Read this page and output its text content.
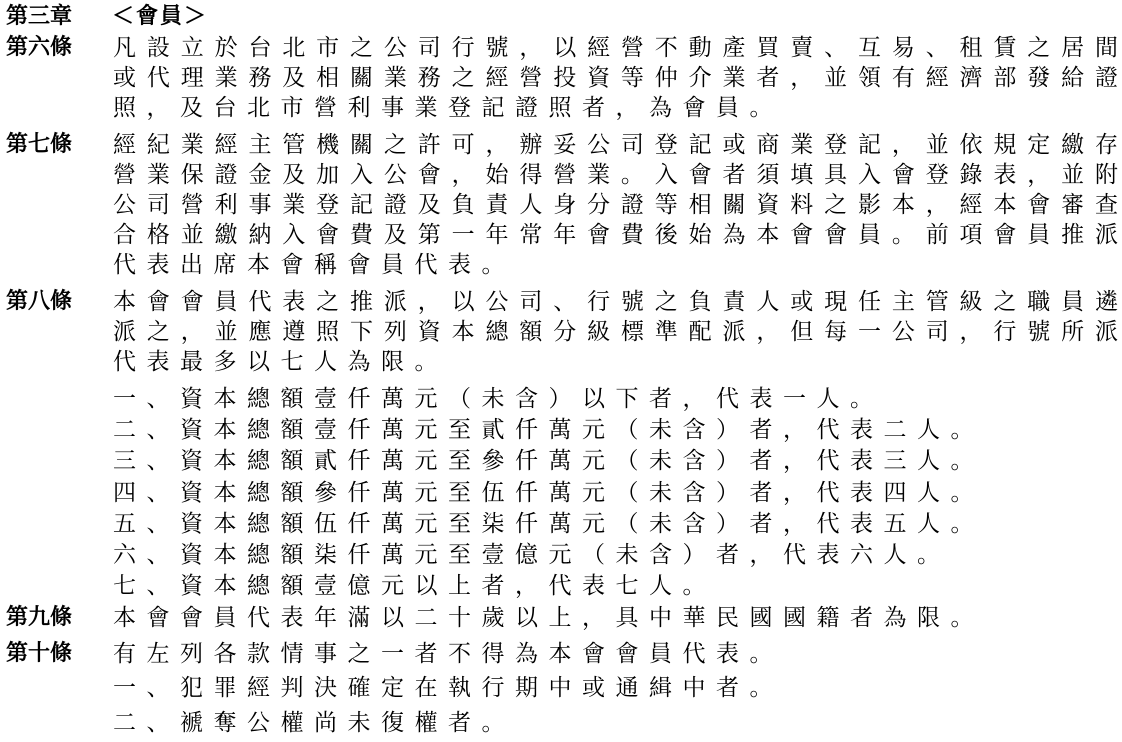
第三章 ＜會員＞
第六條 凡設立於台北市之公司行號，以經營不動產買賣、互易、租賃之居間
或代理業務及相關業務之經營投資等仲介業者，並領有經濟部發給證
照，及台北市營利事業登記證照者，為會員。
第七條 經紀業經主管機關之許可，辦妥公司登記或商業登記，並依規定繳存
營業保證金及加入公會，始得營業。入會者須填具入會登錄表，並附
公司營利事業登記證及負責人身分證等相關資料之影本，經本會審查
合格並繳納入會費及第一年常年會費後始為本會會員。前項會員推派
代表出席本會稱會員代表。
第八條 本會會員代表之推派，以公司、行號之負責人或現任主管級之職員遴
派之，並應遵照下列資本總額分級標準配派，但每一公司，行號所派
代表最多以七人為限。
一、資本總額壹仟萬元（未含）以下者，代表一人。
二、資本總額壹仟萬元至貳仟萬元（未含）者，代表二人。
三、資本總額貳仟萬元至參仟萬元（未含）者，代表三人。
四、資本總額參仟萬元至伍仟萬元（未含）者，代表四人。
五、資本總額伍仟萬元至柒仟萬元（未含）者，代表五人。
六、資本總額柒仟萬元至壹億元（未含）者，代表六人。
七、資本總額壹億元以上者，代表七人。
第九條 本會會員代表年滿以二十歲以上，具中華民國國籍者為限。
第十條 有左列各款情事之一者不得為本會會員代表。
一、犯罪經判決確定在執行期中或通緝中者。
二、褫奪公權尚未復權者。
